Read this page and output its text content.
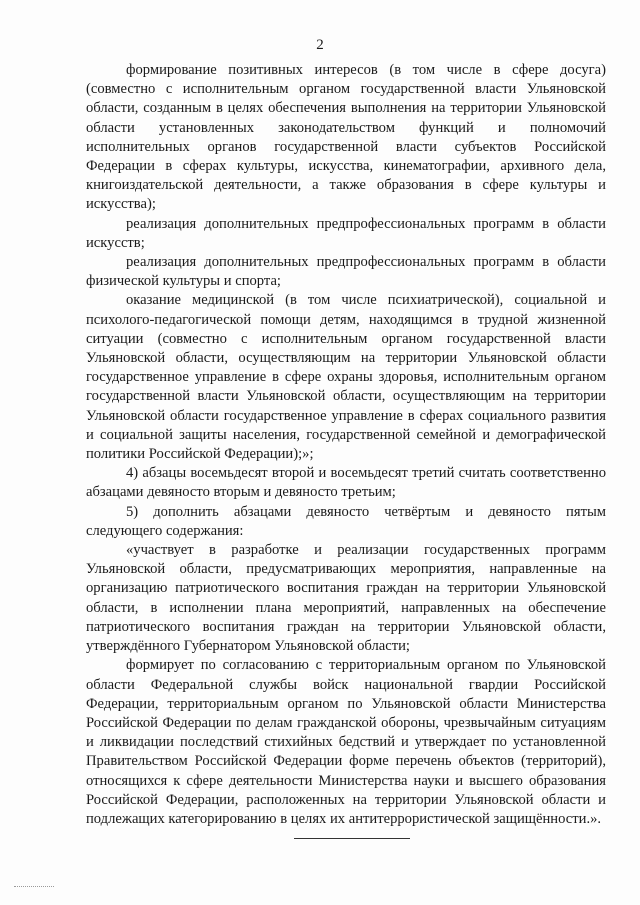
2

формирование позитивных интересов (в том числе в сфере досуга) (совместно с исполнительным органом государственной власти Ульяновской области, созданным в целях обеспечения выполнения на территории Ульяновской области установленных законодательством функций и полномочий исполнительных органов государственной власти субъектов Российской Федерации в сферах культуры, искусства, кинематографии, архивного дела, книгоиздательской деятельности, а также образования в сфере культуры и искусства);

реализация дополнительных предпрофессиональных программ в области искусств;

реализация дополнительных предпрофессиональных программ в области физической культуры и спорта;

оказание медицинской (в том числе психиатрической), социальной и психолого-педагогической помощи детям, находящимся в трудной жизненной ситуации (совместно с исполнительным органом государственной власти Ульяновской области, осуществляющим на территории Ульяновской области государственное управление в сфере охраны здоровья, исполнительным органом государственной власти Ульяновской области, осуществляющим на территории Ульяновской области государственное управление в сферах социального развития и социальной защиты населения, государственной семейной и демографической политики Российской Федерации);»;

4) абзацы восемьдесят второй и восемьдесят третий считать соответственно абзацами девяносто вторым и девяносто третьим;

5) дополнить абзацами девяносто четвёртым и девяносто пятым следующего содержания:

«участвует в разработке и реализации государственных программ Ульяновской области, предусматривающих мероприятия, направленные на организацию патриотического воспитания граждан на территории Ульяновской области, в исполнении плана мероприятий, направленных на обеспечение патриотического воспитания граждан на территории Ульяновской области, утверждённого Губернатором Ульяновской области;

формирует по согласованию с территориальным органом по Ульяновской области Федеральной службы войск национальной гвардии Российской Федерации, территориальным органом по Ульяновской области Министерства Российской Федерации по делам гражданской обороны, чрезвычайным ситуациям и ликвидации последствий стихийных бедствий и утверждает по установленной Правительством Российской Федерации форме перечень объектов (территорий), относящихся к сфере деятельности Министерства науки и высшего образования Российской Федерации, расположенных на территории Ульяновской области и подлежащих категорированию в целях их антитеррористической защищённости.».
